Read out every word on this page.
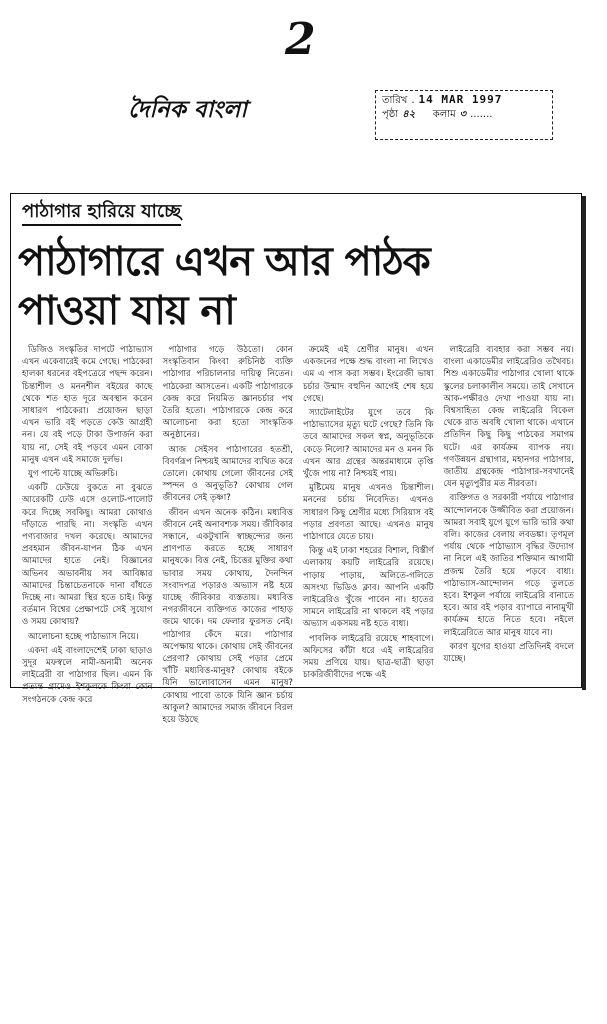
2
দৈনিক বাংলা	তারিখ . 14 MAR 1997
পৃষ্ঠা ৪২
কলাম ৩ .......
পাঠাগার হারিয়ে যাচ্ছে
পাঠাগারে এখন আর পাঠক
পাওয়া যায় না

ডিজিও সংস্কৃতির দাপটে পাঠাভ্যাস এখন একেবারেই কমে গেছে। পাঠকেরা হালকা ধরনের বইপত্রেরে পছন্দ করেন। চিন্তাশীল ও মননশীল বইয়ের কাছে থেকে শত হাত দূরে অবস্থান করেন সাধারণ পাঠকেরা। প্রয়োজন ছাড়া এখন ভারি বই পড়তে কেউ আগ্রহী নন। যে বই পড়ে টাকা উপার্জন করা যায় না, সেই বই পড়বে এমন বোকা মানুষ এখন এই সমাজে দুর্লভ।

যুগ পাল্টে যাচ্ছে অভিরুচি।

একটি ঢেউয়ে বুকতে না বুঝতে আরেকটি ঢেউ এসে ওলোট-পালোট করে দিচ্ছে সবকিছু। আমরা কোথাও দাঁড়াতে পারছি না। সংস্কৃতি এখন পণ্যবাজার দখল করেছে। আমাদের প্রবহমান জীবন-যাপন ঠিক এখন আমাদের হাতে নেই। বিজ্ঞানের অভিনব অভাবনীয় সব আবিষ্কার আমাদের চিন্তাচেতনাকে দানা বাঁধতে দিচ্ছে না। আমরা স্থির হতে চাই। কিন্তু বর্তমান বিশ্বের প্রেক্ষাপটে সেই সুযোগ ও সময় কোথায়?

আলোচনা হচ্ছে পাঠাভ্যাস নিয়ে।

একদা এই বাংলাদেশেই ঢাকা ছাড়াও সুদূর মফস্বলে নামী-অনামী অনেক লাইব্রেরী বা পাঠাগার ছিল। এমন কি প্রত্যন্ত গ্রামেও ইশকুলকে কিংবা কোন সংগঠনকে কেন্দ্র করে

পাঠাগার গড়ে উঠতো। কোন সংস্কৃতিবান কিংবা রুচিনিষ্ঠ ব্যক্তি পাঠাগার পরিচালনার দায়িত্ব নিতেন। পাঠকেরা আসতেন। একটি পাঠাগারকে কেন্দ্র করে নিয়মিত জ্ঞানচর্চার পথ তৈরি হতো। পাঠাগারকে কেন্দ্র করে আলোচনা করা হতো সাংস্কৃতিক অনুষ্ঠানের।

আজ সেইসব পাঠাগারের হতশ্রী, বিবর্ণরূপ নিশ্চয়ই আমাদের ব্যথিত করে তোলে। কোথায় গেলো জীবনের সেই স্পন্দন ও অনুভূতি? কোথায় গেল জীবনের সেই তৃষ্ণা?

জীবন এখন অনেক কঠিন। মধ্যবিত্ত জীবনে নেই অনাবশ্যক সময়। জীবিকার সন্ধানে, একটুখানি স্বাচ্ছন্দ্যের জন্য প্রাণপাত করতে হচ্ছে সাধারণ মানুষকে। বিত্ত নেই, চিত্তের মুক্তির কথা ভাবার সময় কোথায়, দৈনন্দিন সংবাদপত্র পড়ারও অভ্যাস নষ্ট হয়ে যাচ্ছে জীবিকার ব্যস্ততায়। মধ্যবিত্ত নগরজীবনে ব্যক্তিগত কাজের পাহাড় জমে থাকে। দম ফেলার ফুরসত নেই। পাঠাগার কেঁদে মরে। পাঠাগার অপেক্ষায় থাকে। কোথায় সেই জীবনের প্রেরণা? কোথায় সেই পড়ার প্রেমে খাঁটি মধ্যবিত্ত-মানুষ? কোথায় বইকে যিনি ভালোবাসেন এমন মানুষ? কোথায় পাবো তাকে যিনি জ্ঞান চর্চায় আকুল? আমাদের সমাজ জীবনে বিরল হয়ে উঠছে

ক্রমেই এই শ্রেণীর মানুষ। এখন একজনের পক্ষে শুদ্ধ বাংলা না লিখেও এম এ পাস করা সম্ভব। ইংরেজী ভাষা চর্চার উন্মাদ বহুদিন আগেই শেষ হয়ে গেছে।

স্যাটেলাইটের যুগে তবে কি পাঠাভ্যাসের মৃত্যু ঘটে গেছে? তিনি কি তবে আমাদের সকল স্বপ্ন, অনুভূতিকে কেড়ে নিলো? আমাদের মন ও মনন কি এখন আর গ্রন্থের অন্তরমাধ্যমে তৃপ্তি খুঁজে পায় না? নিশ্চয়ই পায়।

মুষ্টিমেয় মানুষ এখনও চিন্তাশীল। মননের চর্চায় নিবেদিত। এখনও সাধারণ কিছু শ্রেণীর মধ্যে সিরিয়াস বই পড়ার প্রবণতা আছে। এখনও মানুষ পাঠাগারে যেতে চায়।

কিন্তু এই ঢাকা শহরের বিশাল, বিস্তীর্ণ এলাকায় কয়টি লাইব্রেরি রয়েছে। পাড়ায় পাড়ায়, অলিতে-গলিতে অসংখ্য ভিডিও ক্লাব। আপনি একটি লাইব্রেরিও খুঁজে পাবেন না। হাতের সামনে লাইব্রেরি না থাকলে বই পড়ার অভ্যাস একসময় নষ্ট হতে বাধ্য।

পাবলিক লাইব্রেরি রয়েছে শাহবাগে। অফিসের কাঁটা ধরে এই লাইব্রেরির সময় প্রণিয়ে যায়। ছাত্র-ছাত্রী ছাড়া চাকরিজীবীদের পক্ষে এই

লাইব্রেরি ব্যবহার করা সম্ভব নয়। বাংলা একাডেমীর লাইব্রেরিও তথৈবচ। শিশু একাডেমীর পাঠাগার খোলা থাকে স্কুলের চলাকালীন সময়ে। তাই সেখানে আক-পক্ষীরও দেখা পাওয়া যায় না। বিশ্বসাহিত্য কেন্দ্র লাইব্রেরি বিকেল থেকে রাত অবধি খোলা থাকে। এখানে প্রতিদিন কিছু কিছু পাঠকের সমাগম ঘটে। এর কার্যক্রম ব্যাপক নয়। গণউন্নয়ন গ্রন্থাগার, মহানগর পাঠাগার, জাতীয় গ্রন্থকেন্দ্র পাঠাগার-সবখানেই যেন মৃত্যুপুরীর মত নীরবতা।

ব্যক্তিগত ও সরকারী পর্যায়ে পাঠাগার আন্দোলনকে উজ্জীবিত করা প্রয়োজন। আমরা সবাই যুগে যুগে ভারি ভারি কথা বলি। কাজের বেলায় লবডঙ্কা। তৃণমূল পর্যায় থেকে পাঠাভ্যাস বৃদ্ধির উদ্যোগ না নিলে এই জাতির শক্তিমান আগামী প্রজন্ম তৈরি হয়ে পড়বে বাধ্য। পাঠাভ্যাস-আন্দোলন গড়ে তুলতে হবে। ইশকুল পর্যায়ে লাইব্রেরি বানাতে হবে। আর বই পড়ার ব্যাপারে নানামুখী কার্যক্রম হাতে নিতে হবে। নইলে লাইব্রেরিতে আর মানুষ যাবে না।

কারণ যুগের হাওয়া প্রতিদিনই বদলে যাচ্ছে।
